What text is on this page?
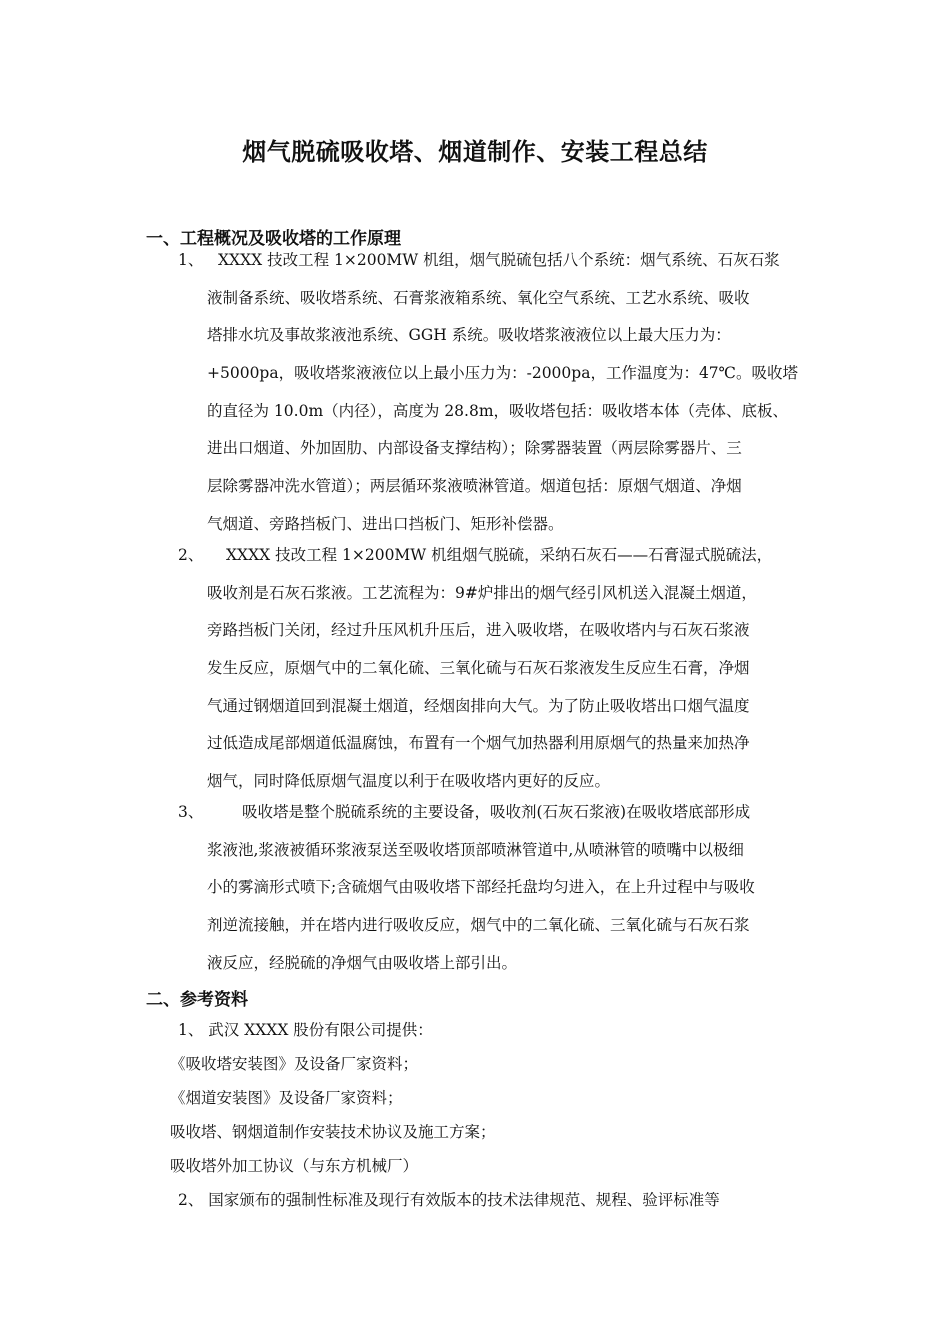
烟气脱硫吸收塔、烟道制作、安装工程总结
一、工程概况及吸收塔的工作原理
1、 XXXX 技改工程 1×200MW 机组，烟气脱硫包括八个系统：烟气系统、石灰石浆
液制备系统、吸收塔系统、石膏浆液箱系统、氧化空气系统、工艺水系统、吸收
塔排水坑及事故浆液池系统、GGH 系统。吸收塔浆液液位以上最大压力为：
+5000pa，吸收塔浆液液位以上最小压力为：-2000pa，工作温度为：47℃。吸收塔
的直径为 10.0m（内径），高度为 28.8m，吸收塔包括：吸收塔本体（壳体、底板、
进出口烟道、外加固肋、内部设备支撑结构）；除雾器装置（两层除雾器片、三
层除雾器冲洗水管道）；两层循环浆液喷淋管道。烟道包括：原烟气烟道、净烟
气烟道、旁路挡板门、进出口挡板门、矩形补偿器。
2、	XXXX 技改工程 1×200MW 机组烟气脱硫，采纳石灰石——石膏湿式脱硫法，
吸收剂是石灰石浆液。工艺流程为：9#炉排出的烟气经引风机送入混凝土烟道，
旁路挡板门关闭，经过升压风机升压后，进入吸收塔，在吸收塔内与石灰石浆液
发生反应，原烟气中的二氧化硫、三氧化硫与石灰石浆液发生反应生石膏，净烟
气通过钢烟道回到混凝土烟道，经烟囱排向大气。为了防止吸收塔出口烟气温度
过低造成尾部烟道低温腐蚀，布置有一个烟气加热器利用原烟气的热量来加热净
烟气，同时降低原烟气温度以利于在吸收塔内更好的反应。
3、	吸收塔是整个脱硫系统的主要设备，吸收剂(石灰石浆液)在吸收塔底部形成
浆液池,浆液被循环浆液泵送至吸收塔顶部喷淋管道中,从喷淋管的喷嘴中以极细
小的雾滴形式喷下;含硫烟气由吸收塔下部经托盘均匀进入，在上升过程中与吸收
剂逆流接触，并在塔内进行吸收反应，烟气中的二氧化硫、三氧化硫与石灰石浆
液反应，经脱硫的净烟气由吸收塔上部引出。
二、参考资料
1、 武汉 XXXX 股份有限公司提供：
《吸收塔安装图》及设备厂家资料；
《烟道安装图》及设备厂家资料；
吸收塔、钢烟道制作安装技术协议及施工方案；
吸收塔外加工协议（与东方机械厂）
2、 国家颁布的强制性标准及现行有效版本的技术法律规范、规程、验评标准等
